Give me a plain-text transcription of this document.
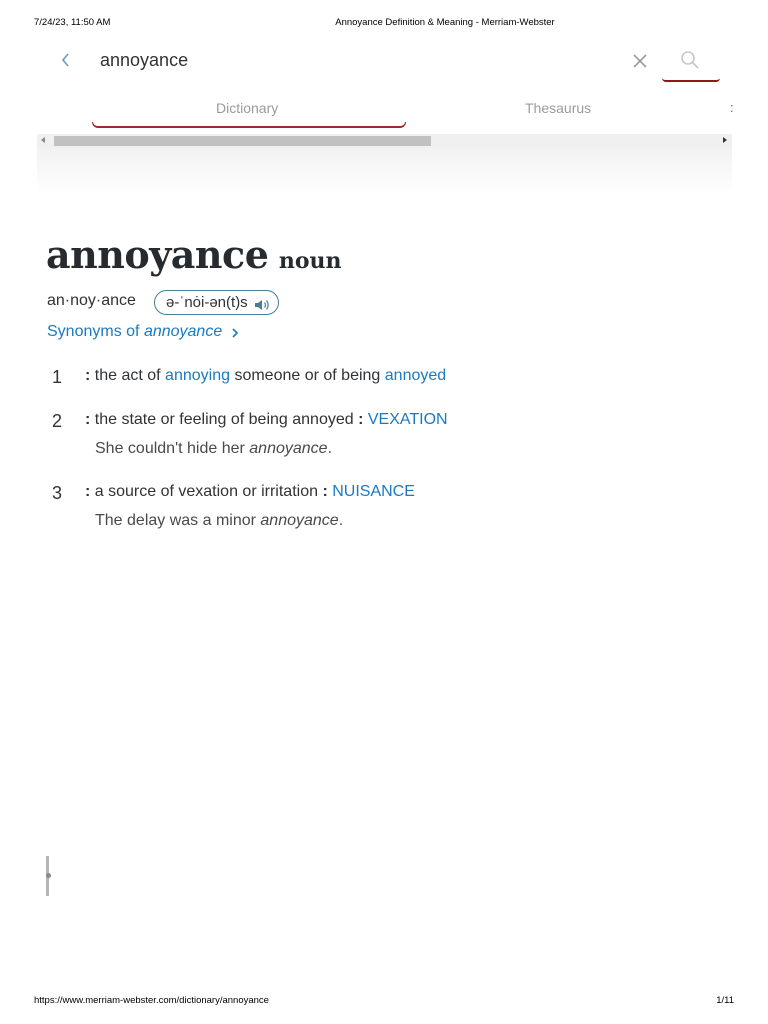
7/24/23, 11:50 AM	Annoyance Definition & Meaning - Merriam-Webster
annoyance
Dictionary	Thesaurus	:
annoyance noun
an·noy·ance	ə-ˈnȯi-ən(t)s
Synonyms of annoyance
1 : the act of annoying someone or of being annoyed
2 : the state or feeling of being annoyed : VEXATION
She couldn't hide her annoyance.
3 : a source of vexation or irritation : NUISANCE
The delay was a minor annoyance.
https://www.merriam-webster.com/dictionary/annoyance	1/11
